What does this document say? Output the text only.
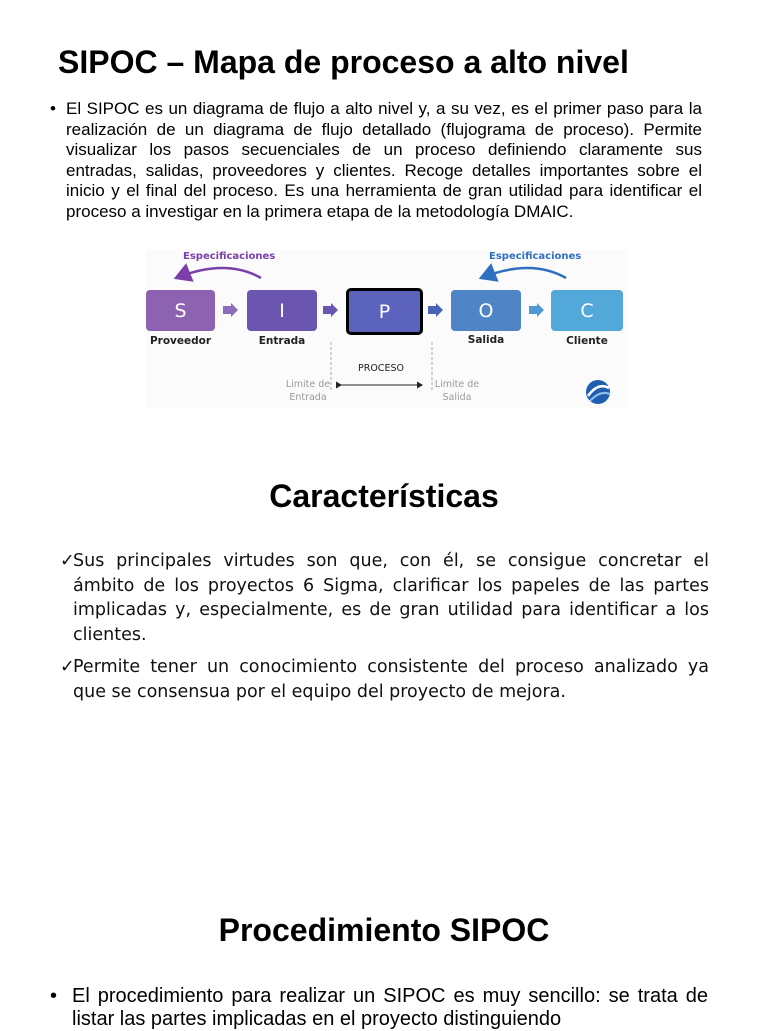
SIPOC – Mapa de proceso a alto nivel
• El SIPOC es un diagrama de flujo a alto nivel y, a su vez, es el primer paso para la realización de un diagrama de flujo detallado (flujograma de proceso). Permite visualizar los pasos secuenciales de un proceso definiendo claramente sus entradas, salidas, proveedores y clientes. Recoge detalles importantes sobre el inicio y el final del proceso. Es una herramienta de gran utilidad para identificar el proceso a investigar en la primera etapa de la metodología DMAIC.
Especificaciones	Especificaciones
S	I	P	O	C
Proveedor	Entrada	Salida	Cliente
PROCESO
Limite de
Entrada
Limite de
Salida
Características
✓
Sus principales virtudes son que, con él, se consigue concretar el ámbito de los proyectos 6 Sigma, clarificar los papeles de las partes implicadas y, especialmente, es de gran utilidad para identificar a los clientes.
✓
Permite tener un conocimiento consistente del proceso analizado ya que se consensua por el equipo del proyecto de mejora.
Procedimiento SIPOC
• El procedimiento para realizar un SIPOC es muy sencillo: se trata de listar las partes implicadas en el proyecto distinguiendo
